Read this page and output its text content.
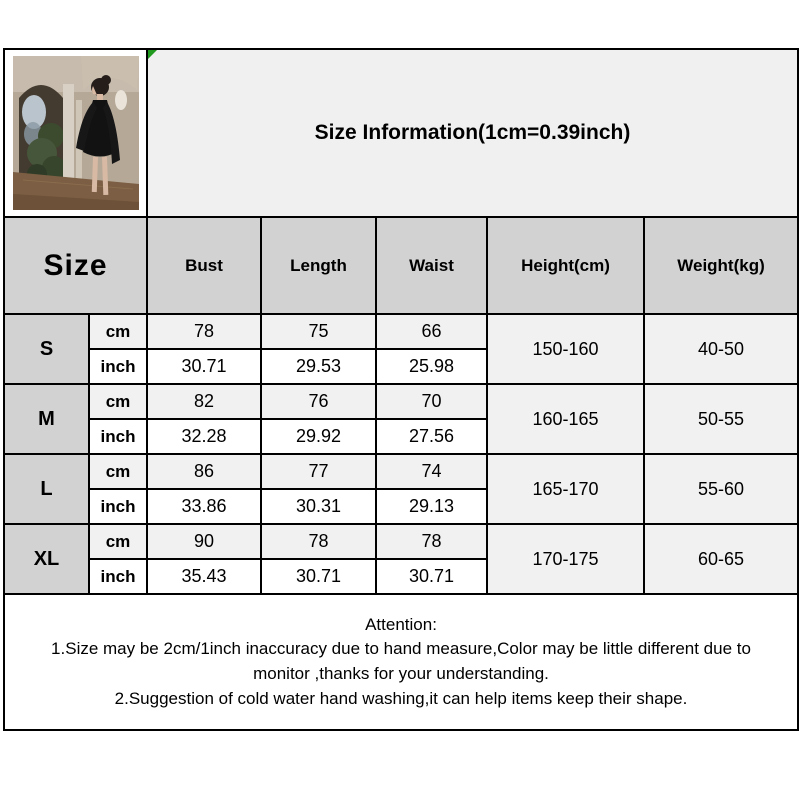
Size Information(1cm=0.39inch)				
Size		Bust	Length	Waist	Height(cm)	Weight(kg)
S	cm	78	75	66	150-160	40-50
	inch	30.71	29.53	25.98		
M	cm	82	76	70	160-165	50-55
	inch	32.28	29.92	27.56		
L	cm	86	77	74	165-170	55-60
	inch	33.86	30.31	29.13		
XL	cm	90	78	78	170-175	60-65
	inch	35.43	30.71	30.71		

Attention:
1.Size may be 2cm/1inch inaccuracy due to hand measure,Color may be little different due to
monitor ,thanks for your understanding.
2.Suggestion of cold water hand washing,it can help items keep their shape.						
